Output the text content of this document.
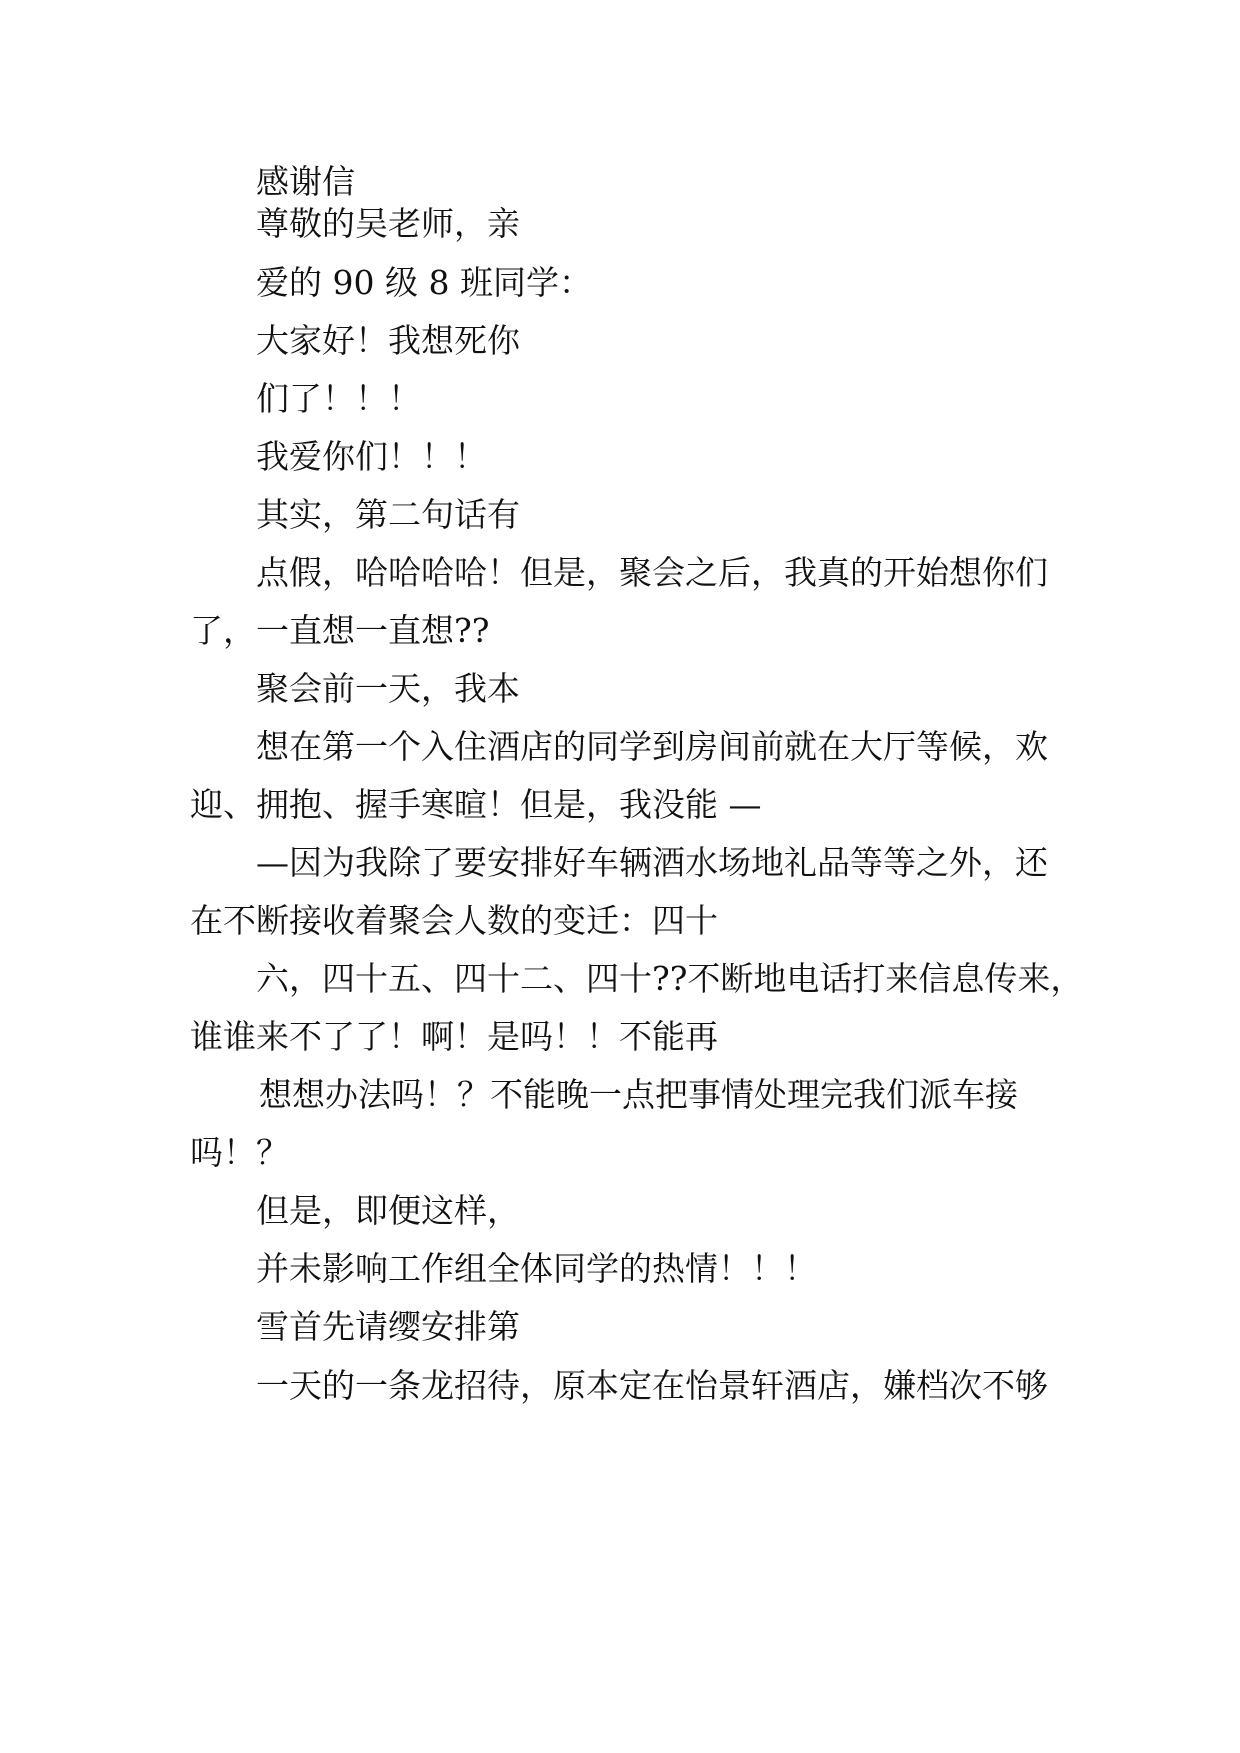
感谢信
尊敬的吴老师，亲
爱的 90 级 8 班同学：
大家好！我想死你
们了！！！
我爱你们！！！
其实，第二句话有
点假，哈哈哈哈！但是，聚会之后，我真的开始想你们
了，一直想一直想??
聚会前一天，我本
想在第一个入住酒店的同学到房间前就在大厅等候，欢
迎、拥抱、握手寒暄！但是，我没能 —
—因为我除了要安排好车辆酒水场地礼品等等之外，还
在不断接收着聚会人数的变迁：四十
六，四十五、四十二、四十??不断地电话打来信息传来，
谁谁来不了了！啊！是吗！！不能再
想想办法吗！？不能晚一点把事情处理完我们派车接
吗！？
但是，即便这样，
并未影响工作组全体同学的热情！！！
雪首先请缨安排第
一天的一条龙招待，原本定在怡景轩酒店，嫌档次不够
